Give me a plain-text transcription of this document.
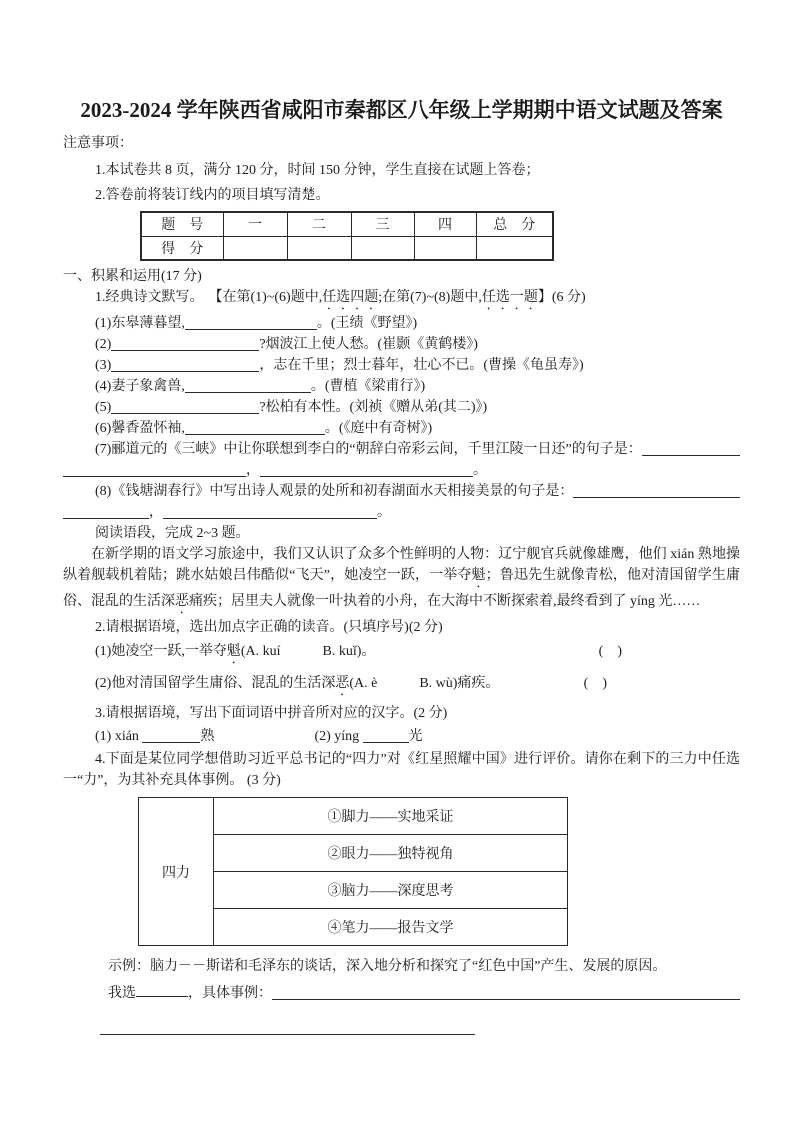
2023-2024 学年陕西省咸阳市秦都区八年级上学期期中语文试题及答案
注意事项：
1.本试卷共 8 页，满分 120 分，时间 150 分钟，学生直接在试题上答卷；
2.答卷前将装订线内的项目填写清楚。
题　号	一	二	三	四	总　分
得　分					
一、积累和运用(17 分)
1.经典诗文默写。 【在第(1)~(6)题中,任选四题;在第(7)~(8)题中,任选一题】(6 分)
(1)东皋薄暮望,	。(王绩《野望》)
(2)	?烟波江上使人愁。(崔颢《黄鹤楼》)
(3)	，志在千里；烈士暮年，壮心不已。(曹操《龟虽寿》)
(4)妻子象禽兽,	。(曹植《梁甫行》)
(5)	?松柏有本性。(刘祯《赠从弟(其二)》)
(6)馨香盈怀袖,	。(《庭中有奇树》)
(7)郦道元的《三峡》中让你联想到李白的“朝辞白帝彩云间，千里江陵一日还”的句子是：
，	。
(8)《钱塘湖春行》中写出诗人观景的处所和初春湖面水天相接美景的句子是：
，	。
阅读语段，完成 2~3 题。
在新学期的语文学习旅途中，我们又认识了众多个性鲜明的人物：辽宁舰官兵就像雄鹰，他们 xián 熟地操纵着舰载机着陆；跳水姑娘吕伟酷似“飞天”，她凌空一跃，一举夺魁；鲁迅先生就像青松，他对清国留学生庸俗、混乱的生活深恶痛疾；居里夫人就像一叶执着的小舟，在大海中不断探索着,最终看到了 yíng 光……
2.请根据语境，选出加点字正确的读音。(只填序号)(2 分)
(1)她凌空一跃,一举夺魁(A. kuí　　　B. kuǐ)。	(　)
(2)他对清国留学生庸俗、混乱的生活深恶(A. è　　　B. wù)痛疾。	(　)
3.请根据语境，写出下面词语中拼音所对应的汉字。(2 分)
(1) xián	熟	(2) yíng	光
4.下面是某位同学想借助习近平总书记的“四力”对《红星照耀中国》进行评价。请你在剩下的三力中任选一“力”，为其补充具体事例。 (3 分)
四力	①脚力——实地采证
②眼力——独特视角
③脑力——深度思考
④笔力——报告文学
示例：脑力－－斯诺和毛泽东的谈话，深入地分析和探究了“红色中国”产生、发展的原因。
我选	，具体事例：
